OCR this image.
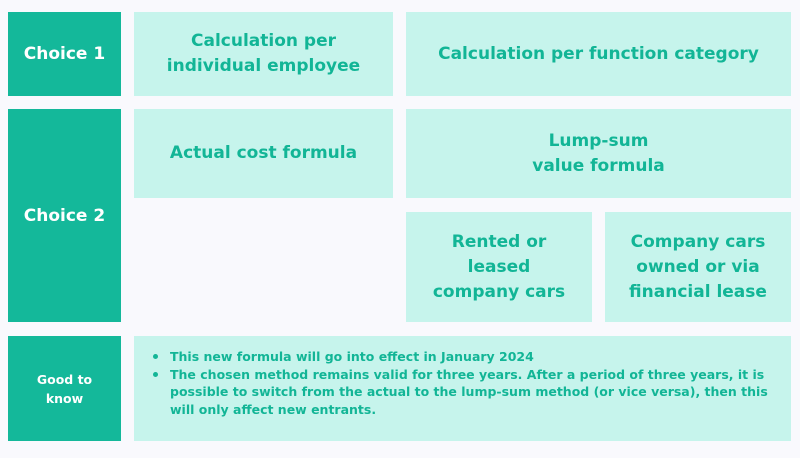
Choice 1
Choice 2
Good to know
Calculation per individual employee
Calculation per function category
Actual cost formula
Lump-sum value formula
Rented or leased company cars
Company cars owned or via financial lease
This new formula will go into effect in January 2024
The chosen method remains valid for three years. After a period of three years, it is possible to switch from the actual to the lump-sum method (or vice versa), then this will only affect new entrants.
